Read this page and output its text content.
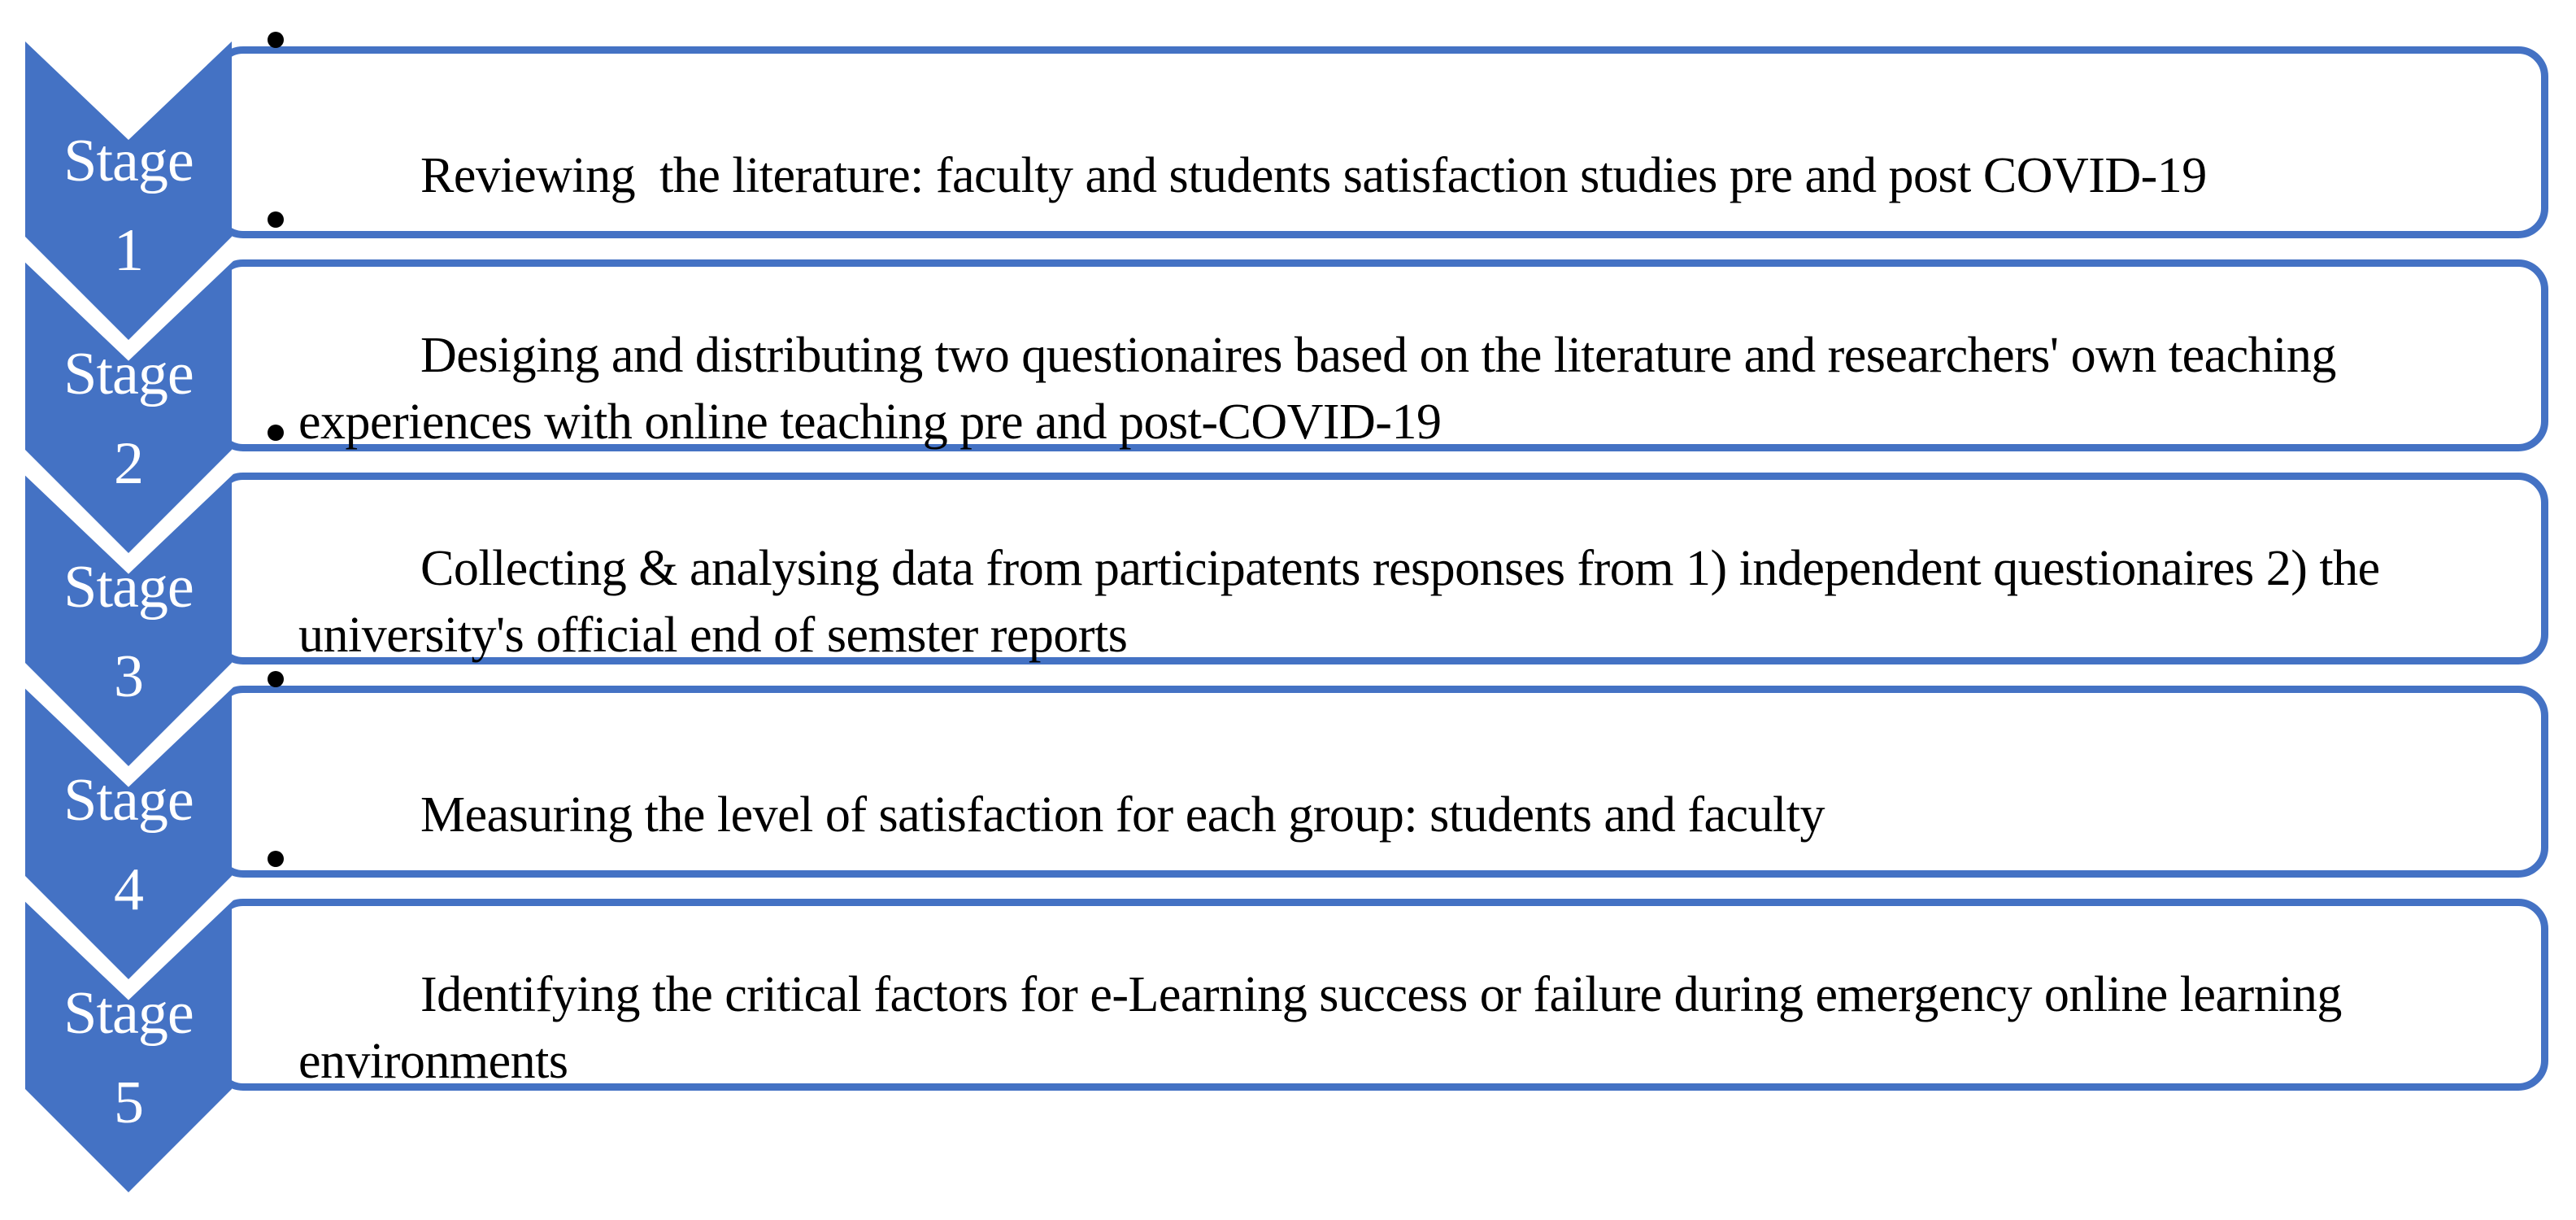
Reviewing  the literature: faculty and students satisfaction studies pre and post COVID-19

Stage
1

Desiging and distributing two questionaires based on the literature and researchers' own teaching experiences with online teaching pre and post-COVID-19

Stage
2

Collecting & analysing data from participatents responses from 1) independent questionaires 2) the university's official end of semster reports

Stage
3

Measuring the level of satisfaction for each group: students and faculty

Stage
4

Identifying the critical factors for e-Learning success or failure during emergency online learning environments

Stage
5
